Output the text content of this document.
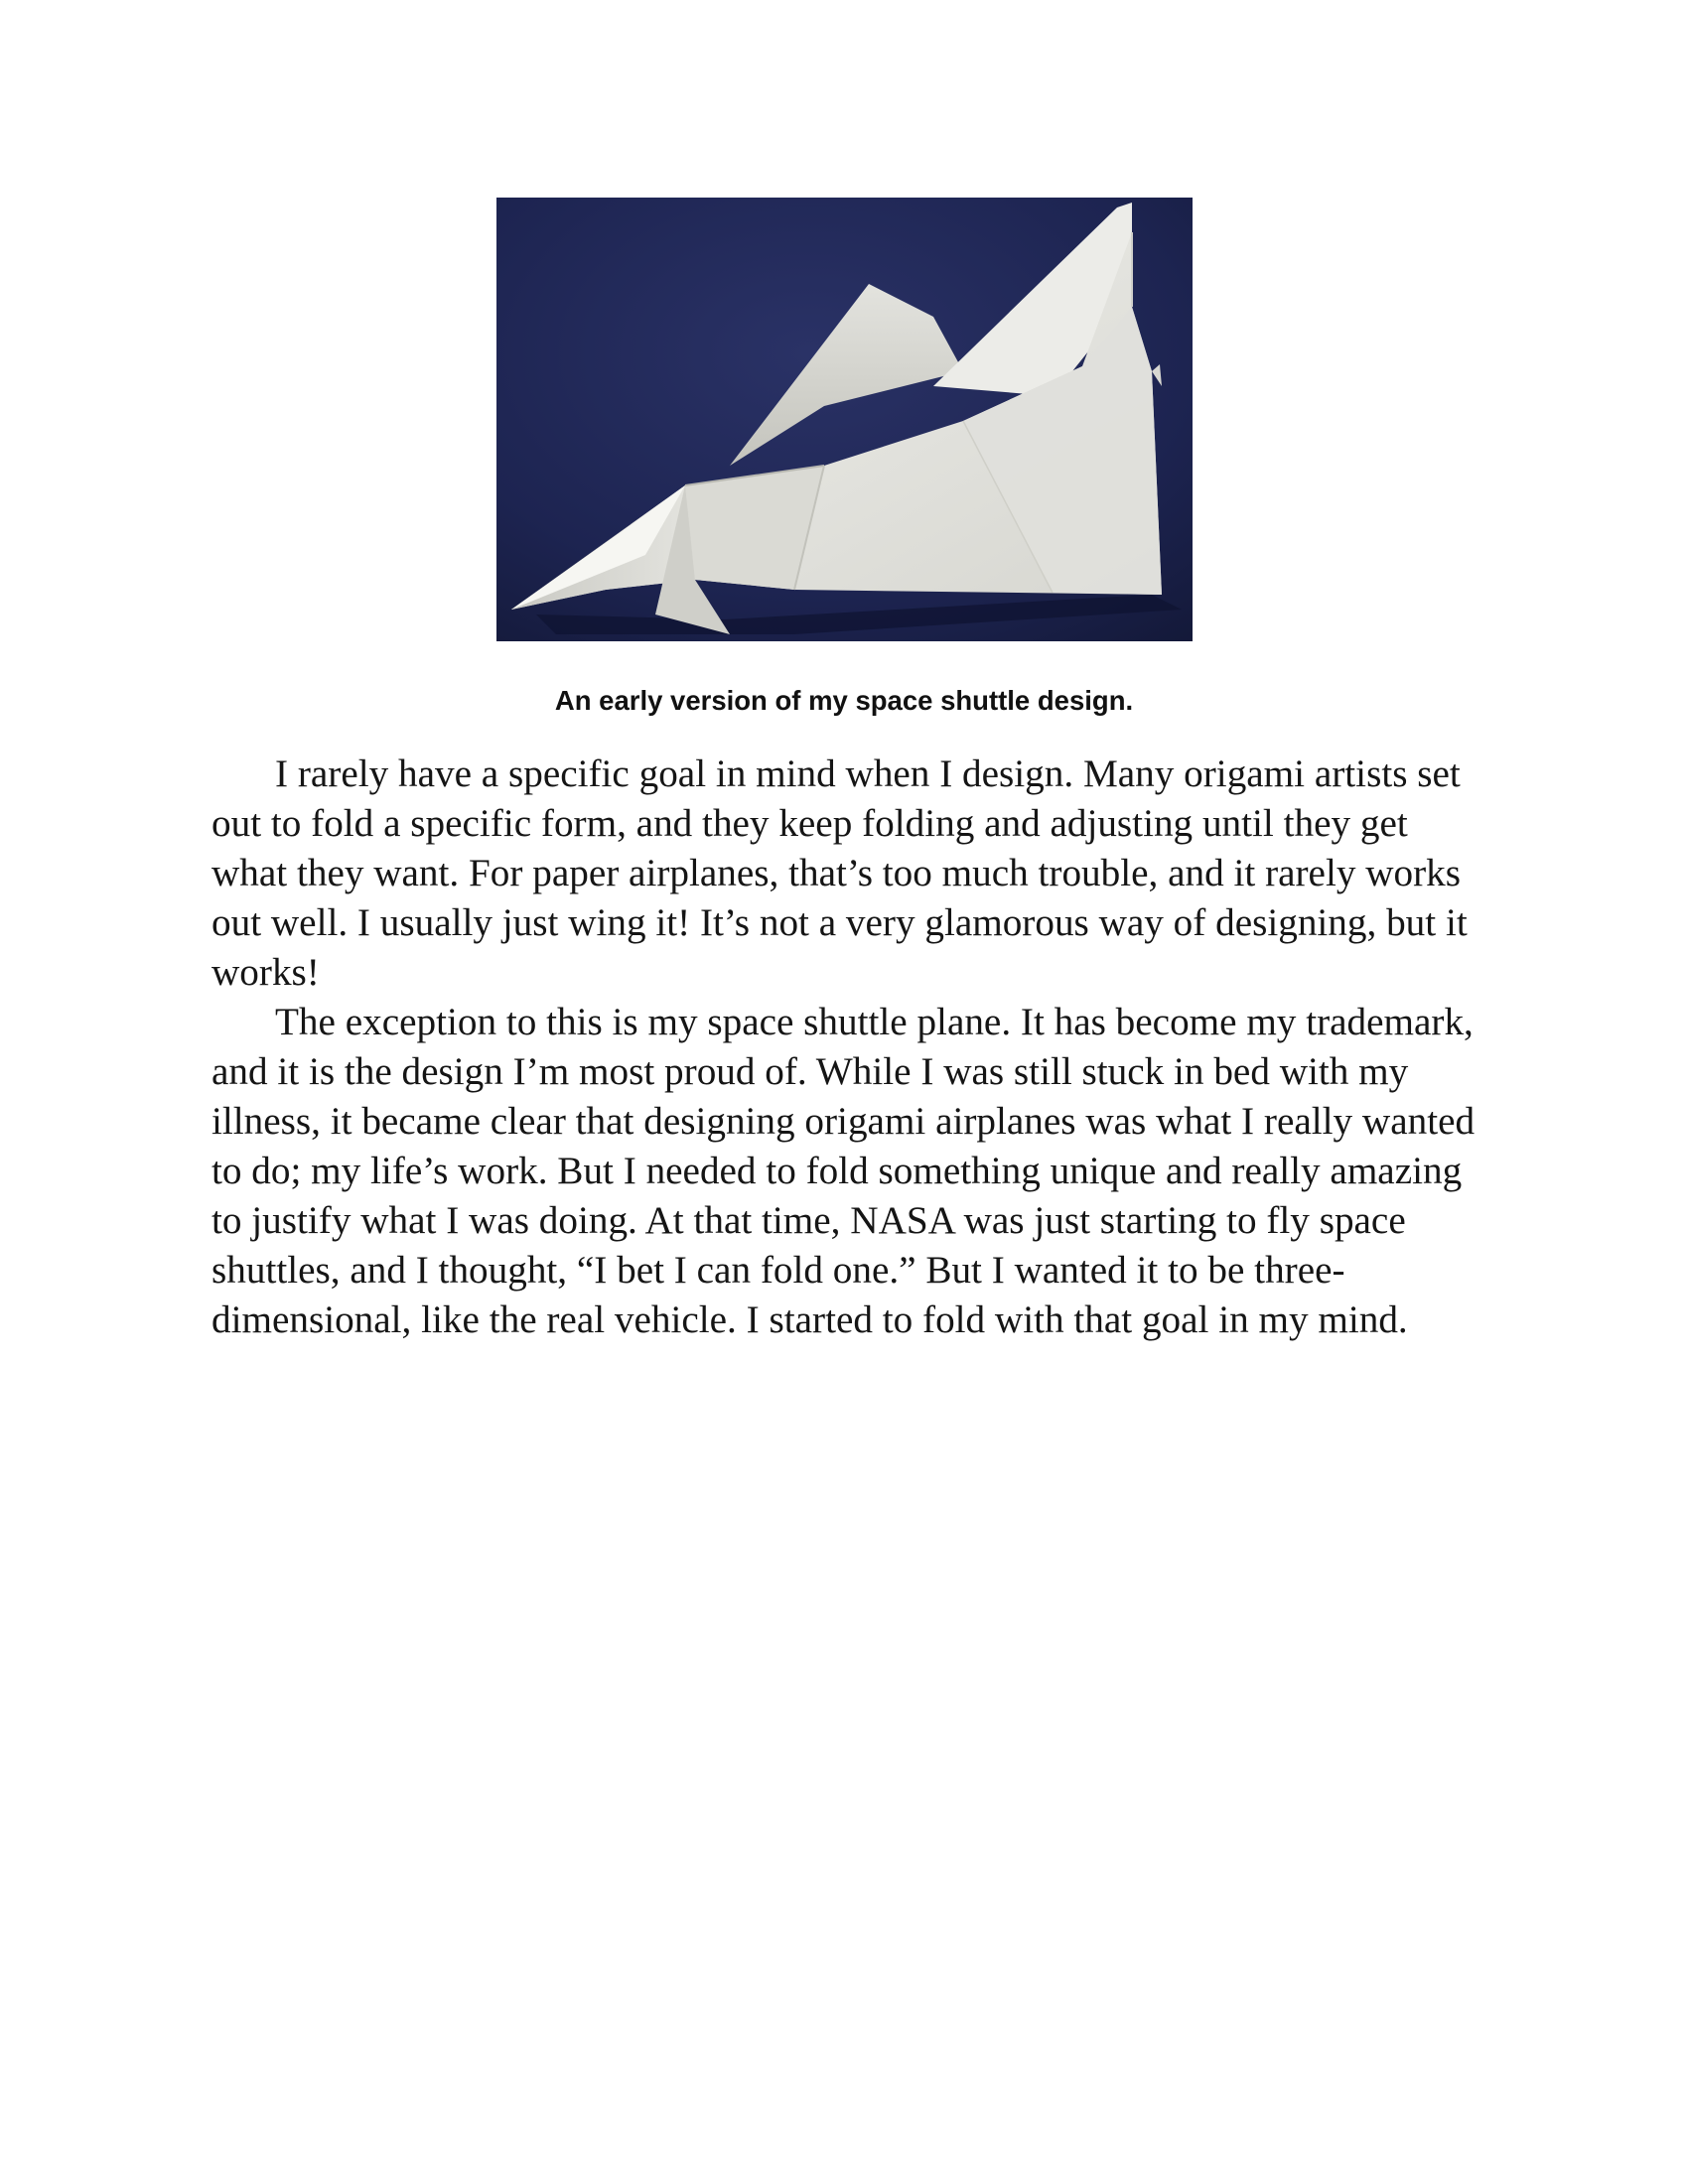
An early version of my space shuttle design.

I rarely have a specific goal in mind when I design. Many origami artists set out to fold a specific form, and they keep folding and adjusting until they get what they want. For paper airplanes, that’s too much trouble, and it rarely works out well. I usually just wing it! It’s not a very glamorous way of designing, but it works!

The exception to this is my space shuttle plane. It has become my trademark, and it is the design I’m most proud of. While I was still stuck in bed with my illness, it became clear that designing origami airplanes was what I really wanted to do; my life’s work. But I needed to fold something unique and really amazing to justify what I was doing. At that time, NASA was just starting to fly space shuttles, and I thought, “I bet I can fold one.” But I wanted it to be three-dimensional, like the real vehicle. I started to fold with that goal in my mind.
